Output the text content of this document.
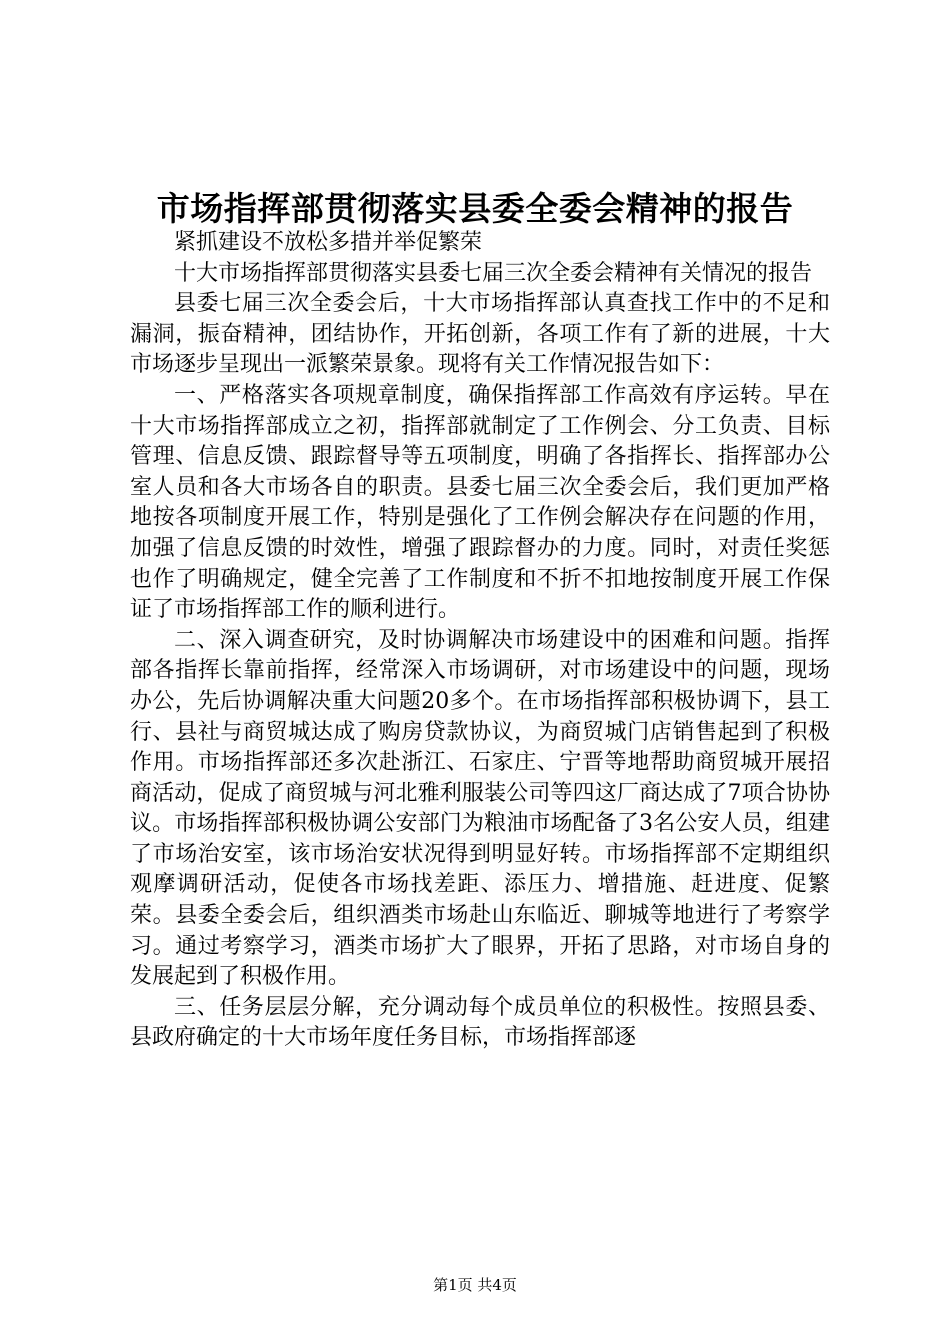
市场指挥部贯彻落实县委全委会精神的报告

紧抓建设不放松多措并举促繁荣

十大市场指挥部贯彻落实县委七届三次全委会精神有关情况的报告

县委七届三次全委会后，十大市场指挥部认真查找工作中的不足和漏洞，振奋精神，团结协作，开拓创新，各项工作有了新的进展，十大市场逐步呈现出一派繁荣景象。现将有关工作情况报告如下：

一、严格落实各项规章制度，确保指挥部工作高效有序运转。早在十大市场指挥部成立之初，指挥部就制定了工作例会、分工负责、目标管理、信息反馈、跟踪督导等五项制度，明确了各指挥长、指挥部办公室人员和各大市场各自的职责。县委七届三次全委会后，我们更加严格地按各项制度开展工作，特别是强化了工作例会解决存在问题的作用，加强了信息反馈的时效性，增强了跟踪督办的力度。同时，对责任奖惩也作了明确规定，健全完善了工作制度和不折不扣地按制度开展工作保证了市场指挥部工作的顺利进行。

二、深入调查研究，及时协调解决市场建设中的困难和问题。指挥部各指挥长靠前指挥，经常深入市场调研，对市场建设中的问题，现场办公，先后协调解决重大问题20多个。在市场指挥部积极协调下，县工行、县社与商贸城达成了购房贷款协议，为商贸城门店销售起到了积极作用。市场指挥部还多次赴浙江、石家庄、宁晋等地帮助商贸城开展招商活动，促成了商贸城与河北雅利服装公司等四这厂商达成了7项合协协议。市场指挥部积极协调公安部门为粮油市场配备了3名公安人员，组建了市场治安室，该市场治安状况得到明显好转。市场指挥部不定期组织观摩调研活动，促使各市场找差距、添压力、增措施、赶进度、促繁荣。县委全委会后，组织酒类市场赴山东临近、聊城等地进行了考察学习。通过考察学习，酒类市场扩大了眼界，开拓了思路，对市场自身的发展起到了积极作用。

三、任务层层分解，充分调动每个成员单位的积极性。按照县委、县政府确定的十大市场年度任务目标，市场指挥部逐

第1页 共4页
